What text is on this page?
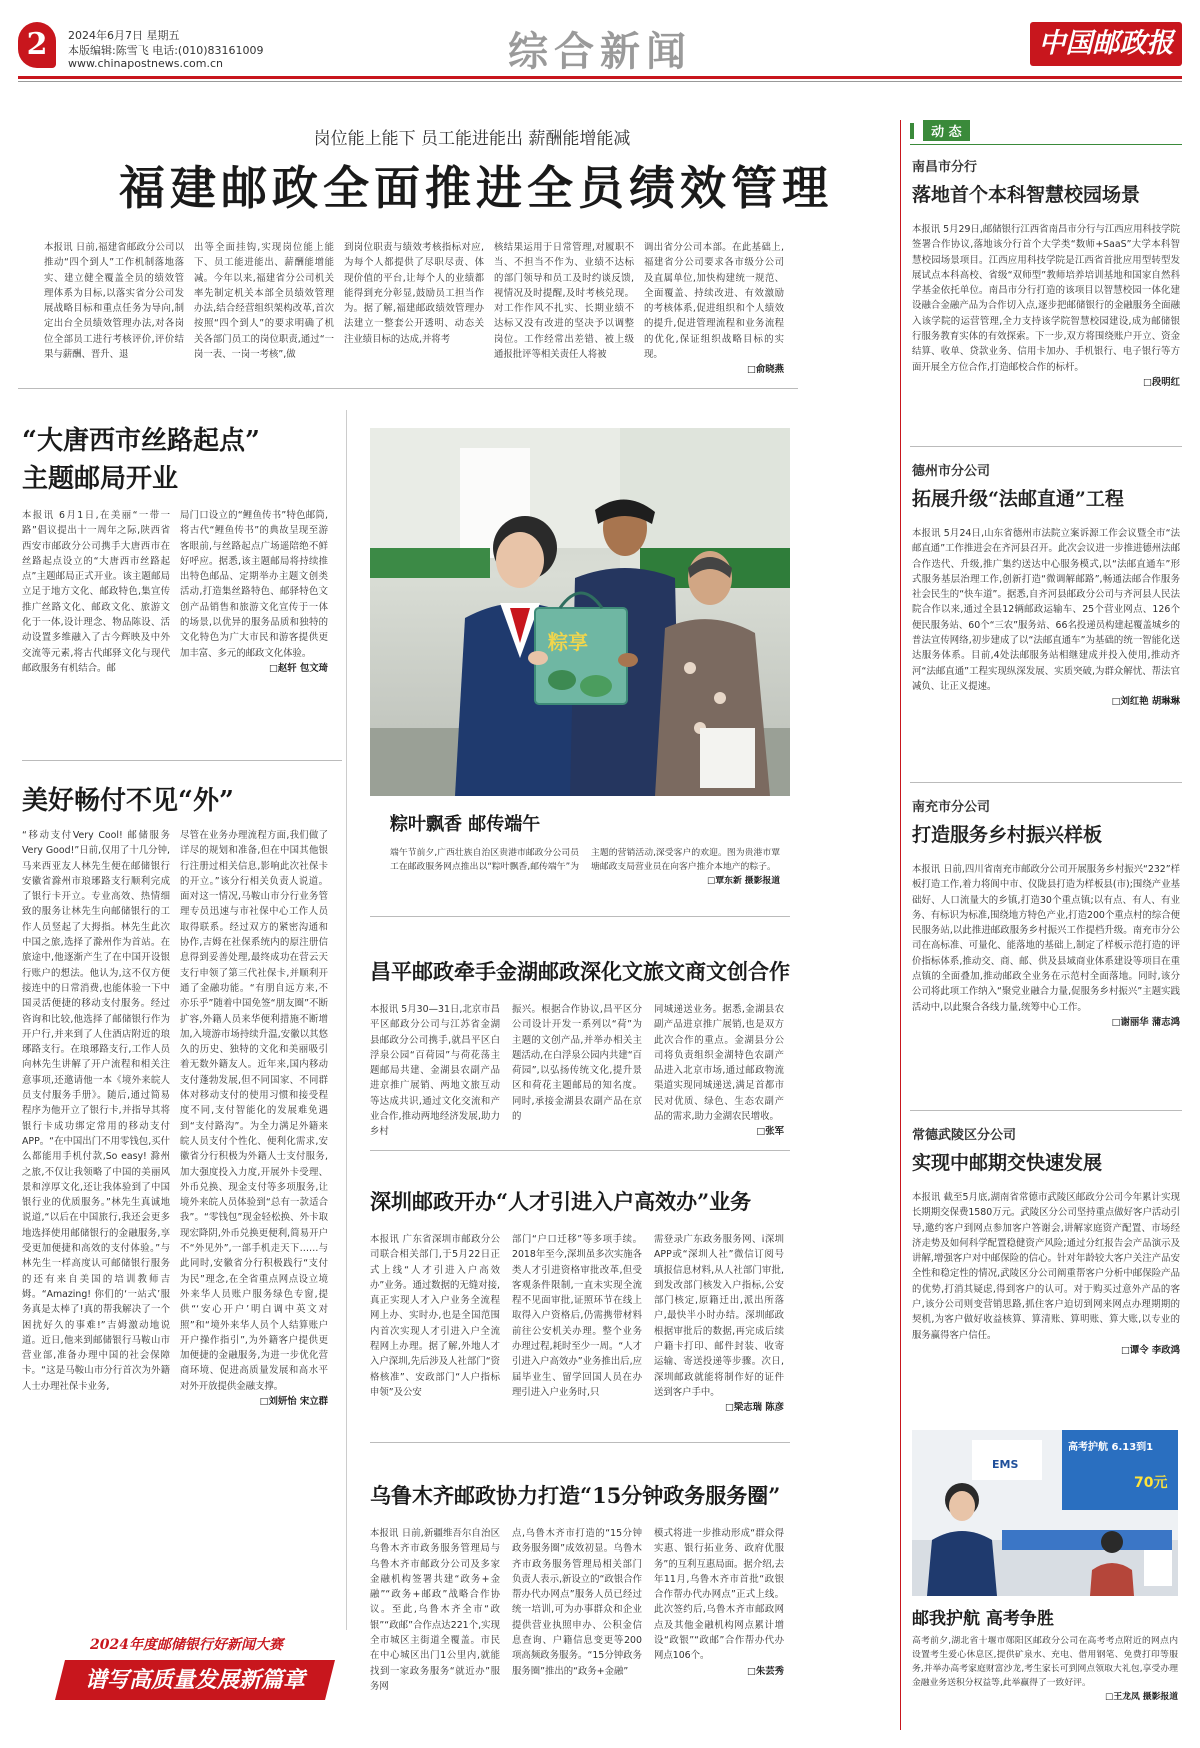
2	2024年6月7日 星期五
本版编辑:陈雪飞 电话:(010)83161009
www.chinapostnews.com.cn	综合新闻	中国邮政报
岗位能上能下 员工能进能出 薪酬能增能减
福建邮政全面推进全员绩效管理
本报讯 日前,福建省邮政分公司以推动“四个到人”工作机制落地落实、建立健全覆盖全员的绩效管理体系为目标,以落实省分公司发展战略目标和重点任务为导向,制定出台全员绩效管理办法,对各岗位全部员工进行考核评价,评价结果与薪酬、晋升、退
出等全面挂钩,实现岗位能上能下、员工能进能出、薪酬能增能减。今年以来,福建省分公司机关率先制定机关本部全员绩效管理办法,结合经营组织架构改革,首次按照“四个到人”的要求明确了机关各部门员工的岗位职责,通过“一岗一表、一岗一考核”,做
到岗位职责与绩效考核指标对应,为每个人都提供了尽职尽责、体现价值的平台,让每个人的业绩都能得到充分彰显,鼓励员工担当作为。据了解,福建邮政绩效管理办法建立一整套公开透明、动态关注业绩目标的达成,并将考
核结果运用于日常管理,对履职不当、不担当不作为、业绩不达标的部门领导和员工及时约谈反馈,视情况及时提醒,及时考核兑现。对工作作风不扎实、长期业绩不达标又没有改进的坚决予以调整岗位。工作经常出差错、被上级通报批评等相关责任人将被
调出省分公司本部。在此基础上,福建省分公司要求各市级分公司及直属单位,加快构建统一规范、全面覆盖、持续改进、有效激励的考核体系,促进组织和个人绩效的提升,促进管理流程和业务流程的优化,保证组织战略目标的实现。
□俞晓燕
“大唐西市丝路起点”
主题邮局开业
本报讯 6月1日,在美丽“一带一路”倡议提出十一周年之际,陕西省西安市邮政分公司携手大唐西市在丝路起点设立的“大唐西市丝路起点”主题邮局正式开业。该主题邮局立足于地方文化、邮政特色,集宣传推广丝路文化、邮政文化、旅游文化于一体,设计理念、物品陈设、活动设置多维融入了古今辉映及中外交流等元素,将古代邮驿文化与现代邮政服务有机结合。邮
局门口设立的“鲤鱼传书”特色邮筒,将古代“鲤鱼传书”的典故呈现至游客眼前,与丝路起点广场遥陪绝不鲜好呼应。据悉,该主题邮局将持续推出特色邮品、定期举办主题文创类活动,打造集丝路特色、邮驿特色文创产品销售和旅游文化宣传于一体的场景,以优异的服务品质和独特的文化特色为广大市民和游客提供更加丰富、多元的邮政文化体验。
□赵轩 包文琦
美好畅付不见“外”
“移动支付Very Cool! 邮储服务Very Good!”日前,仅用了十几分钟,马来西亚友人林先生便在邮储银行安徽省滁州市琅琊路支行顺利完成了银行卡开立。专业高效、热情细致的服务让林先生向邮储银行的工作人员竖起了大拇指。林先生此次中国之旅,选择了滁州作为首站。在旅途中,他逐渐产生了在中国开设银行账户的想法。他认为,这不仅方便接连中的日常消费,也能体验一下中国灵活便捷的移动支付服务。经过咨询和比较,他选择了邮储银行作为开户行,并来到了人住酒店附近的琅琊路支行。在琅琊路支行,工作人员向林先生讲解了开户流程和相关注意事项,还邀请他一本《境外来皖人员支付服务手册》。随后,通过简易程序为他开立了银行卡,并指导其将银行卡成功绑定常用的移动支付APP。“在中国出门不用零钱包,买什么都能用手机付款,So easy! 滁州之旅,不仅让我领略了中国的美丽风景和淳厚文化,还让我体验到了中国银行业的优质服务。”林先生真诚地说道,“以后在中国旅行,我还会更多地选择使用邮储银行的金融服务,享受更加便捷和高效的支付体验。”与林先生一样高度认可邮储银行服务的还有来自美国的培训教师吉姆。“Amazing! 你们的‘一站式’服务真是太棒了!真的帮我解决了一个困扰好久的事难!”吉姆激动地说道。近日,他来到邮储银行马鞍山市营业部,准备办理中国的社会保障卡。“这是马鞍山市分行首次为外籍人士办理社保卡业务,
尽管在业务办理流程方面,我们做了详尽的规划和准备,但在中国其他银行注册过相关信息,影响此次社保卡的开立。”该分行相关负责人说道。面对这一情况,马鞍山市分行业务管理专员迅速与市社保中心工作人员取得联系。经过双方的紧密沟通和协作,吉姆在社保系统内的原注册信息得到妥善处理,最终成功在营云天支行申领了第三代社保卡,并顺利开通了金融功能。“有朋自远方来,不亦乐乎”随着中国免签“朋友圈”不断扩容,外籍人员来华便利措施不断增加,入境游市场持续升温,安徽以其悠久的历史、独特的文化和美丽吸引着无数外籍友人。近年来,国内移动支付蓬勃发展,但不同国家、不同群体对移动支付的使用习惯和接受程度不同,支付智能化的发展难免遇到“支付路沟”。为全力满足外籍来皖人员支付个性化、便利化需求,安徽省分行积极为外籍人士支付服务,加大强度投入力度,开展外卡受理、外币兑换、现金支付等多项服务,让境外来皖人员体验到“总有一款适合我”。“零钱包”现金轻松换、外卡取现宏降阴,外币兑换更便利,简易开户不“外见外”,一部手机走天下……与此同时,安徽省分行积极践行“支付为民”理念,在全省重点网点设立境外来华人员账户服务绿色专窗,提供“‘安心开户’明白调中英文对照”和“境外来华人员个人结算账户开户操作指引”,为外籍客户提供更加便捷的金融服务,为进一步优化营商环境、促进高质量发展和高水平对外开放提供金融支撑。
□刘妍怡 宋立群
2024年度邮储银行好新闻大赛
谱写高质量发展新篇章
粽享
粽叶飘香 邮传端午
端午节前夕,广西壮族自治区贵港市邮政分公司员工在邮政服务网点推出以“粽叶飘香,邮传端午”为主题的营销活动,深受客户的欢迎。图为贵港市覃塘邮政支局营业员在向客户推介本地产的粽子。
□覃东新 摄影报道
昌平邮政牵手金湖邮政深化文旅文商文创合作
本报讯 5月30—31日,北京市昌平区邮政分公司与江苏省金湖县邮政分公司携手,就昌平区白浮泉公园“百荷园”与荷花荡主题邮局共建、金湖县农副产品进京推广展销、两地文旅互动等达成共识,通过文化交流和产业合作,推动两地经济发展,助力乡村
振兴。根据合作协议,昌平区分公司设计开发一系列以“荷”为主题的文创产品,并举办相关主题活动,在白浮泉公园内共建“百荷园”,以弘扬传统文化,提升景区和荷花主题邮局的知名度。同时,承接金湖县农副产品在京的
同城递送业务。据悉,金湖县农副产品进京推广展销,也是双方此次合作的重点。金湖县分公司将负责组织金湖特色农副产品进入北京市场,通过邮政物流渠道实现同城递送,满足首都市民对优质、绿色、生态农副产品的需求,助力金湖农民增收。
□张军
深圳邮政开办“人才引进入户高效办”业务
本报讯 广东省深圳市邮政分公司联合相关部门,于5月22日正式上线“人才引进入户高效办”业务。通过数据的无缝对接,真正实现人才入户业务全流程网上办、实时办,也是全国范围内首次实现人才引进入户全流程网上办理。据了解,外地人才入户深圳,先后涉及人社部门“资格核准”、安政部门“人户指标申领”及公安
部门“户口迁移”等多项手续。2018年至今,深圳虽多次实施各类人才引进资格审批改革,但受客观条件限制,一直未实现全流程不见面审批,证照环节在线上取得入户资格后,仍需携带材料前往公安机关办理。整个业务办理过程,耗时至少一周。“人才引进入户高效办”业务推出后,应届毕业生、留学回国人员在办理引进入户业务时,只
需登录广东政务服务网、i深圳APP或“深圳人社”微信订阅号填报信息材料,从人社部门审批,到发改部门核发入户指标,公安部门核定,原籍迁出,派出所落户,最快半小时办结。深圳邮政根据审批后的数据,再完成后续户籍卡打印、邮件封装、收寄运输、寄送投递等步骤。次日,深圳邮政就能将制作好的证件送到客户手中。
□梁志瑞 陈彦
乌鲁木齐邮政协力打造“15分钟政务服务圈”
本报讯 日前,新疆维吾尔自治区乌鲁木齐市政务服务管理局与乌鲁木齐市邮政分公司及多家金融机构签署共建“政务+金融”“政务+邮政”战略合作协议。至此,乌鲁木齐全市“政银”“政邮”合作点达221个,实现全市城区主街道全覆盖。市民在中心城区出门1公里内,就能找到一家政务服务“就近办”服务网
点,乌鲁木齐市打造的“15分钟政务服务圈”成效初显。乌鲁木齐市政务服务管理局相关部门负责人表示,新设立的“政银合作帮办代办网点”服务人员已经过统一培训,可为办事群众和企业提供营业执照申办、公积金信息查询、户籍信息变更等200项高频政务服务。“15分钟政务服务圈”推出的“政务+金融”
模式将进一步推动形成“群众得实惠、银行拓业务、政府优服务”的互利互惠局面。据介绍,去年11月,乌鲁木齐市首批“政银合作帮办代办网点”正式上线。此次签约后,乌鲁木齐市邮政网点及其他金融机构网点累计增设“政银”“政邮”合作帮办代办网点106个。
□朱芸秀
动 态
南昌市分行
落地首个本科智慧校园场景
本报讯 5月29日,邮储银行江西省南昌市分行与江西应用科技学院签署合作协议,落地该分行首个大学类“数师+SaaS”大学本科智慧校园场景项目。江西应用科技学院是江西省首批应用型转型发展试点本科高校、省级“双师型”教师培养培训基地和国家自然科学基金依托单位。南昌市分行打造的该项目以智慧校园一体化建设融合金融产品为合作切入点,逐步把邮储银行的金融服务全面融入该学院的运营管理,全力支持该学院智慧校园建设,成为邮储银行服务教育实体的有效探索。下一步,双方将围绕账户开立、资金结算、收单、贷款业务、信用卡加办、手机银行、电子银行等方面开展全方位合作,打造邮校合作的标杆。
□段明红
德州市分公司
拓展升级“法邮直通”工程
本报讯 5月24日,山东省德州市法院立案诉源工作会议暨全市“法邮直通”工作推进会在齐河县召开。此次会议进一步推进德州法邮合作迭代、升级,推广集约送达中心服务模式,以“法邮直通车”形式服务基层治理工作,创新打造“微调解邮路”,畅通法邮合作服务社会民生的“快车道”。据悉,自齐河县邮政分公司与齐河县人民法院合作以来,通过全县12辆邮政运输车、25个营业网点、126个便民服务站、60个“三农”服务站、66名投递员构建起覆盖城乡的普法宣传网络,初步建成了以“法邮直通车”为基础的统一智能化送达服务体系。目前,4处法邮服务站相继建成并投入使用,推动齐河“法邮直通”工程实现纵深发展、实质突破,为群众解忧、帮法官减负、让正义提速。
□刘红艳 胡琳琳
南充市分公司
打造服务乡村振兴样板
本报讯 日前,四川省南充市邮政分公司开展服务乡村振兴“232”样板打造工作,着力将阆中市、仪陇县打造为样板县(市);围绕产业基础好、人口流量大的乡镇,打造30个重点镇;以有点、有人、有业务、有标识为标准,围绕地方特色产业,打造200个重点村的综合便民服务站,以此推进邮政服务乡村振兴工作提档升级。南充市分公司在高标准、可量化、能落地的基础上,制定了样板示范打造的评价指标体系,推动交、商、邮、供及县域商业体系建设等项目在重点镇的全面叠加,推动邮政全业务在示范村全面落地。同时,该分公司将此项工作纳入“聚党业融合力量,促服务乡村振兴”主题实践活动中,以此聚合各线力量,统筹中心工作。
□谢丽华 蒲志鸿
常德武陵区分公司
实现中邮期交快速发展
本报讯 截至5月底,湖南省常德市武陵区邮政分公司今年累计实现长期期交保费1580万元。武陵区分公司坚持重点做好客户活动引导,邀约客户到网点参加客户答谢会,讲解家庭资产配置、市场经济走势及如何科学配置稳健资产风险;通过分红报告会产品演示及讲解,增强客户对中邮保险的信心。针对年龄较大客户关注产品安全性和稳定性的情况,武陵区分公司阐重帮客户分析中邮保险产品的优势,打消其疑虑,得到客户的认可。对于购买过意外产品的客户,该分公司则变营销思路,抓住客户迫切到网来网点办理期期的契机,为客户做好收益核算、算清账、算明账、算大账,以专业的服务赢得客户信任。
□谭令 李政鸿
高考护航 6.13到1
70元
EMS
邮我护航 高考争胜
高考前夕,湖北省十堰市郧阳区邮政分公司在高考考点附近的网点内设置考生爱心休息区,提供矿泉水、充电、借用钢笔、免费打印等服务,并举办高考家庭财富沙龙,考生家长可到网点领取大礼包,享受办理金融业务送积分权益等,此举赢得了一致好评。
□王龙凤 摄影报道
